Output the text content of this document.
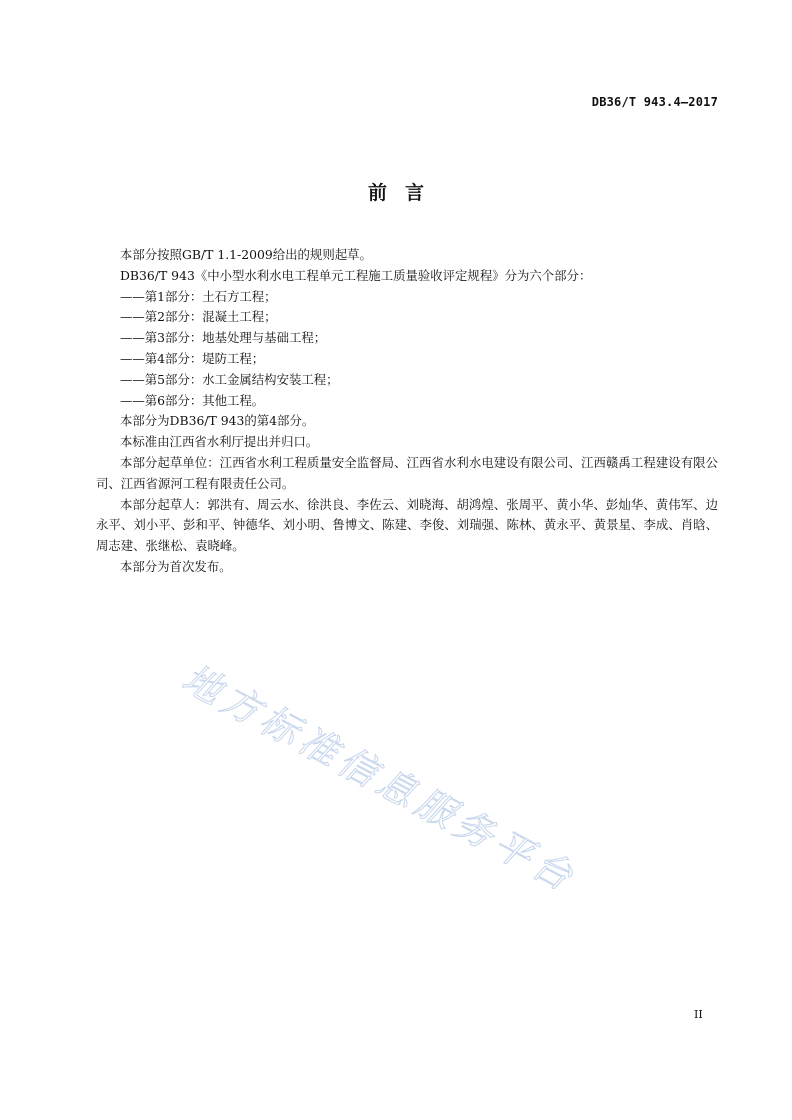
DB36/T 943.4—2017
前言

本部分按照GB/T 1.1-2009给出的规则起草。

DB36/T 943《中小型水利水电工程单元工程施工质量验收评定规程》分为六个部分：

——第1部分：土石方工程；

——第2部分：混凝土工程；

——第3部分：地基处理与基础工程；

——第4部分：堤防工程；

——第5部分：水工金属结构安装工程；

——第6部分：其他工程。

本部分为DB36/T 943的第4部分。

本标准由江西省水利厅提出并归口。

本部分起草单位：江西省水利工程质量安全监督局、江西省水利水电建设有限公司、江西赣禹工程建设有限公司、江西省源河工程有限责任公司。

本部分起草人：郭洪有、周云水、徐洪良、李佐云、刘晓海、胡鸿煌、张周平、黄小华、彭灿华、黄伟军、边永平、刘小平、彭和平、钟德华、刘小明、鲁博文、陈建、李俊、刘瑞强、陈林、黄永平、黄景星、李成、肖晗、周志建、张继松、袁晓峰。

本部分为首次发布。

地方标准信息服务平台
II
